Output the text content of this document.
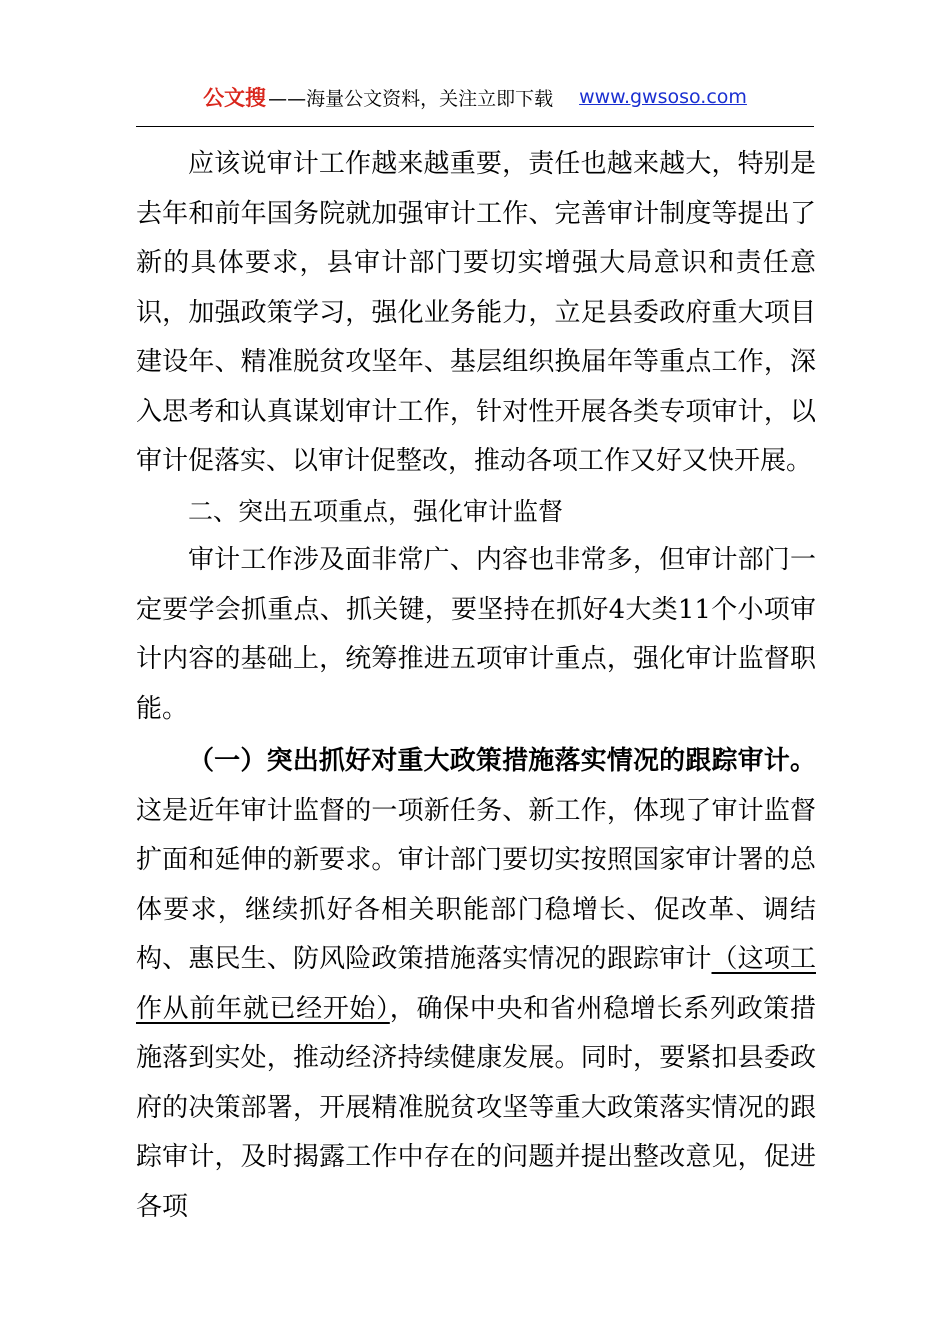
公文搜 ——海量公文资料，关注立即下载 www.gwsoso.com

应该说审计工作越来越重要，责任也越来越大，特别是去年和前年国务院就加强审计工作、完善审计制度等提出了新的具体要求，县审计部门要切实增强大局意识和责任意识，加强政策学习，强化业务能力，立足县委政府重大项目建设年、精准脱贫攻坚年、基层组织换届年等重点工作，深入思考和认真谋划审计工作，针对性开展各类专项审计，以审计促落实、以审计促整改，推动各项工作又好又快开展。

二、突出五项重点，强化审计监督

审计工作涉及面非常广、内容也非常多，但审计部门一定要学会抓重点、抓关键，要坚持在抓好4大类11个小项审计内容的基础上，统筹推进五项审计重点，强化审计监督职能。

（一）突出抓好对重大政策措施落实情况的跟踪审计。这是近年审计监督的一项新任务、新工作，体现了审计监督扩面和延伸的新要求。审计部门要切实按照国家审计署的总体要求，继续抓好各相关职能部门稳增长、促改革、调结构、惠民生、防风险政策措施落实情况的跟踪审计（这项工作从前年就已经开始），确保中央和省州稳增长系列政策措施落到实处，推动经济持续健康发展。同时，要紧扣县委政府的决策部署，开展精准脱贫攻坚等重大政策落实情况的跟踪审计，及时揭露工作中存在的问题并提出整改意见，促进各项
